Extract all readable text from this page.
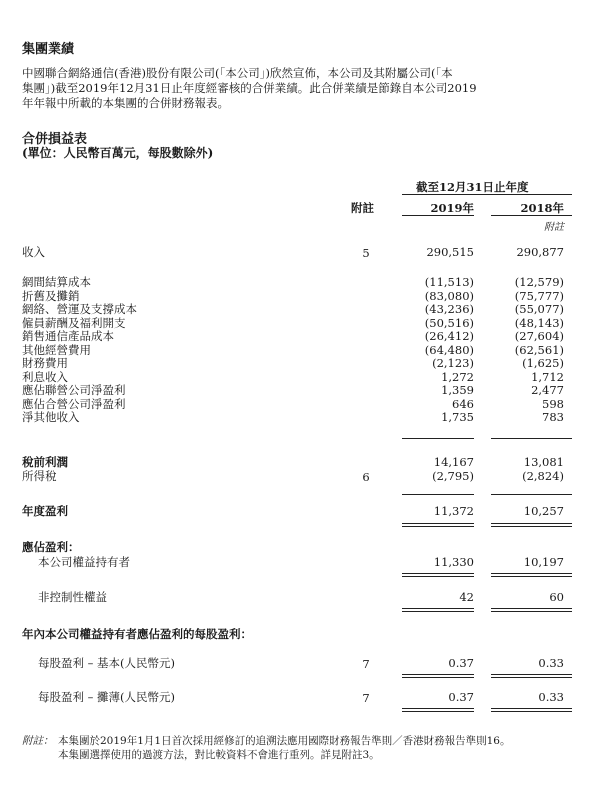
集團業績
中國聯合網絡通信(香港)股份有限公司(「本公司」)欣然宣佈，本公司及其附屬公司(「本
集團」)截至2019年12月31日止年度經審核的合併業績。此合併業績是節錄自本公司2019
年年報中所載的本集團的合併財務報表。
合併損益表
(單位：人民幣百萬元，每股數除外)
截至12月31日止年度
附註	2019年	2018年
附註
收入	5	290,515	290,877
網間結算成本	(11,513)	(12,579)
折舊及攤銷	(83,080)	(75,777)
網絡、營運及支撐成本	(43,236)	(55,077)
僱員薪酬及福利開支	(50,516)	(48,143)
銷售通信產品成本	(26,412)	(27,604)
其他經營費用	(64,480)	(62,561)
財務費用	(2,123)	(1,625)
利息收入	1,272	1,712
應佔聯營公司淨盈利	1,359	2,477
應佔合營公司淨盈利	646	598
淨其他收入	1,735	783
稅前利潤	14,167	13,081
所得稅	6	(2,795)	(2,824)
年度盈利	11,372	10,257
應佔盈利：
本公司權益持有者	11,330	10,197
非控制性權益	42	60
年內本公司權益持有者應佔盈利的每股盈利：
每股盈利 – 基本(人民幣元)	7	0.37	0.33
每股盈利 – 攤薄(人民幣元)	7	0.37	0.33
附註： 本集團於2019年1月1日首次採用經修訂的追溯法應用國際財務報告準則／香港財務報告準則16。
本集團選擇使用的過渡方法，對比較資料不會進行重列。詳見附註3。
